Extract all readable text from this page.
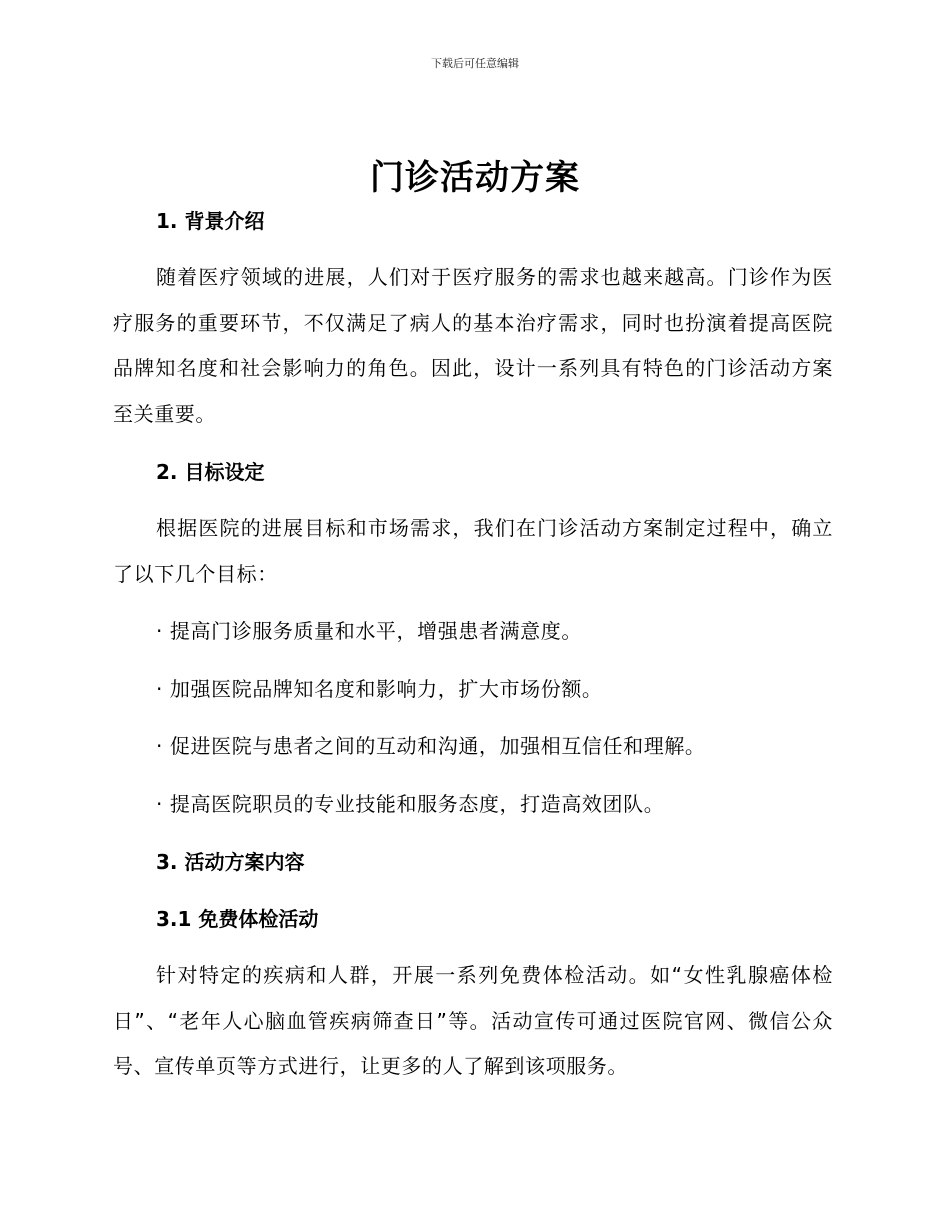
下载后可任意编辑
门诊活动方案
1. 背景介绍

随着医疗领域的进展，人们对于医疗服务的需求也越来越高。门诊作为医疗服务的重要环节，不仅满足了病人的基本治疗需求，同时也扮演着提高医院品牌知名度和社会影响力的角色。因此，设计一系列具有特色的门诊活动方案至关重要。

2. 目标设定

根据医院的进展目标和市场需求，我们在门诊活动方案制定过程中，确立了以下几个目标：

· 提高门诊服务质量和水平，增强患者满意度。

· 加强医院品牌知名度和影响力，扩大市场份额。

· 促进医院与患者之间的互动和沟通，加强相互信任和理解。

· 提高医院职员的专业技能和服务态度，打造高效团队。

3. 活动方案内容
3.1 免费体检活动

针对特定的疾病和人群，开展一系列免费体检活动。如“女性乳腺癌体检日”、“老年人心脑血管疾病筛查日”等。活动宣传可通过医院官网、微信公众号、宣传单页等方式进行，让更多的人了解到该项服务。
